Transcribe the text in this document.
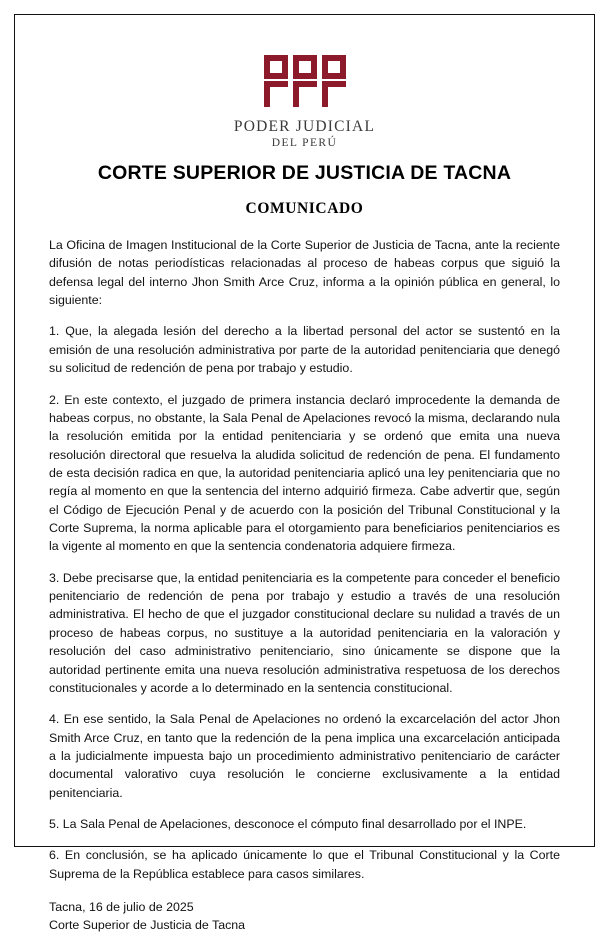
PODER JUDICIAL
DEL PERÚ
CORTE SUPERIOR DE JUSTICIA DE TACNA
COMUNICADO

La Oficina de Imagen Institucional de la Corte Superior de Justicia de Tacna, ante la reciente difusión de notas periodísticas relacionadas al proceso de habeas corpus que siguió la defensa legal del interno Jhon Smith Arce Cruz, informa a la opinión pública en general, lo siguiente:

1. Que, la alegada lesión del derecho a la libertad personal del actor se sustentó en la emisión de una resolución administrativa por parte de la autoridad penitenciaria que denegó su solicitud de redención de pena por trabajo y estudio.

2. En este contexto, el juzgado de primera instancia declaró improcedente la demanda de habeas corpus, no obstante, la Sala Penal de Apelaciones revocó la misma, declarando nula la resolución emitida por la entidad penitenciaria y se ordenó que emita una nueva resolución directoral que resuelva la aludida solicitud de redención de pena. El fundamento de esta decisión radica en que, la autoridad penitenciaria aplicó una ley penitenciaria que no regía al momento en que la sentencia del interno adquirió firmeza. Cabe advertir que, según el Código de Ejecución Penal y de acuerdo con la posición del Tribunal Constitucional y la Corte Suprema, la norma aplicable para el otorgamiento para beneficiarios penitenciarios es la vigente al momento en que la sentencia condenatoria adquiere firmeza.

3. Debe precisarse que, la entidad penitenciaria es la competente para conceder el beneficio penitenciario de redención de pena por trabajo y estudio a través de una resolución administrativa. El hecho de que el juzgador constitucional declare su nulidad a través de un proceso de habeas corpus, no sustituye a la autoridad penitenciaria en la valoración y resolución del caso administrativo penitenciario, sino únicamente se dispone que la autoridad pertinente emita una nueva resolución administrativa respetuosa de los derechos constitucionales y acorde a lo determinado en la sentencia constitucional.

4. En ese sentido, la Sala Penal de Apelaciones no ordenó la excarcelación del actor Jhon Smith Arce Cruz, en tanto que la redención de la pena implica una excarcelación anticipada a la judicialmente impuesta bajo un procedimiento administrativo penitenciario de carácter documental valorativo cuya resolución le concierne exclusivamente a la entidad penitenciaria.

5. La Sala Penal de Apelaciones, desconoce el cómputo final desarrollado por el INPE.

6. En conclusión, se ha aplicado únicamente lo que el Tribunal Constitucional y la Corte Suprema de la República establece para casos similares.

Tacna, 16 de julio de 2025
Corte Superior de Justicia de Tacna
